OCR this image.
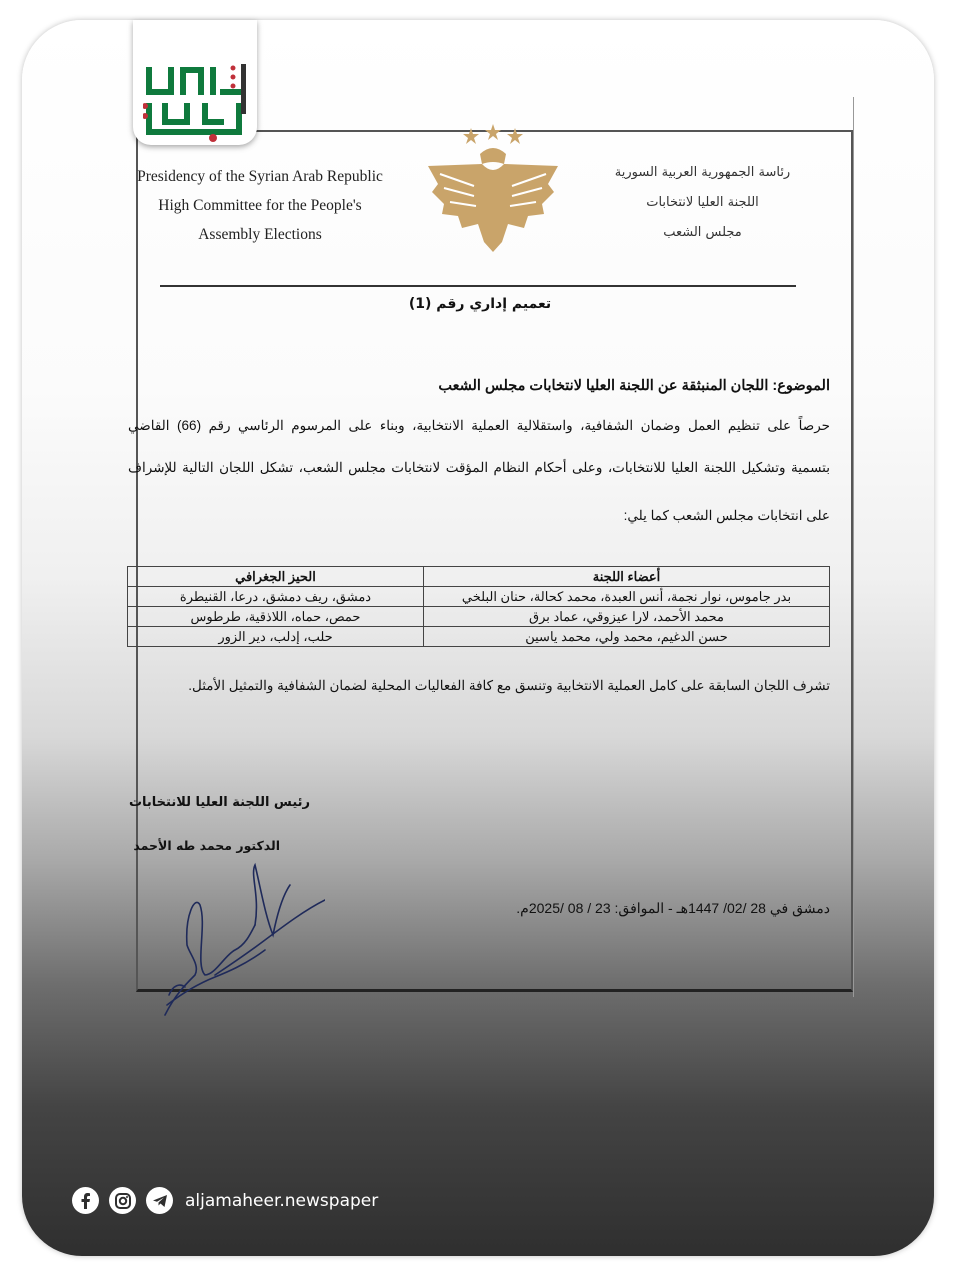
Presidency of the Syrian Arab Republic
High Committee for the People's
Assembly Elections
رئاسة الجمهورية العربية السورية
اللجنة العليا لانتخابات
مجلس الشعب
تعميم إداري رقم (1)
الموضوع: اللجان المنبثقة عن اللجنة العليا لانتخابات مجلس الشعب
حرصاً على تنظيم العمل وضمان الشفافية، واستقلالية العملية الانتخابية، وبناء على المرسوم الرئاسي رقم (66) القاضي
بتسمية وتشكيل اللجنة العليا للانتخابات، وعلى أحكام النظام المؤقت لانتخابات مجلس الشعب، تشكل اللجان التالية للإشراف
على انتخابات مجلس الشعب كما يلي:
أعضاء اللجنة	الحيز الجغرافي
بدر جاموس، نوار نجمة، أنس العبدة، محمد كحالة، حنان البلخي	دمشق، ريف دمشق، درعا، القنيطرة
محمد الأحمد، لارا عيزوقي، عماد برق	حمص، حماه، اللاذقية، طرطوس
حسن الدغيم، محمد ولي، محمد ياسين	حلب، إدلب، دير الزور
تشرف اللجان السابقة على كامل العملية الانتخابية وتنسق مع كافة الفعاليات المحلية لضمان الشفافية والتمثيل الأمثل.
رئيس اللجنة العليا للانتخابات
الدكتور محمد طه الأحمد
دمشق في 28 /02/ 1447هـ - الموافق: 23 / 08 /2025م.
aljamaheer.newspaper
